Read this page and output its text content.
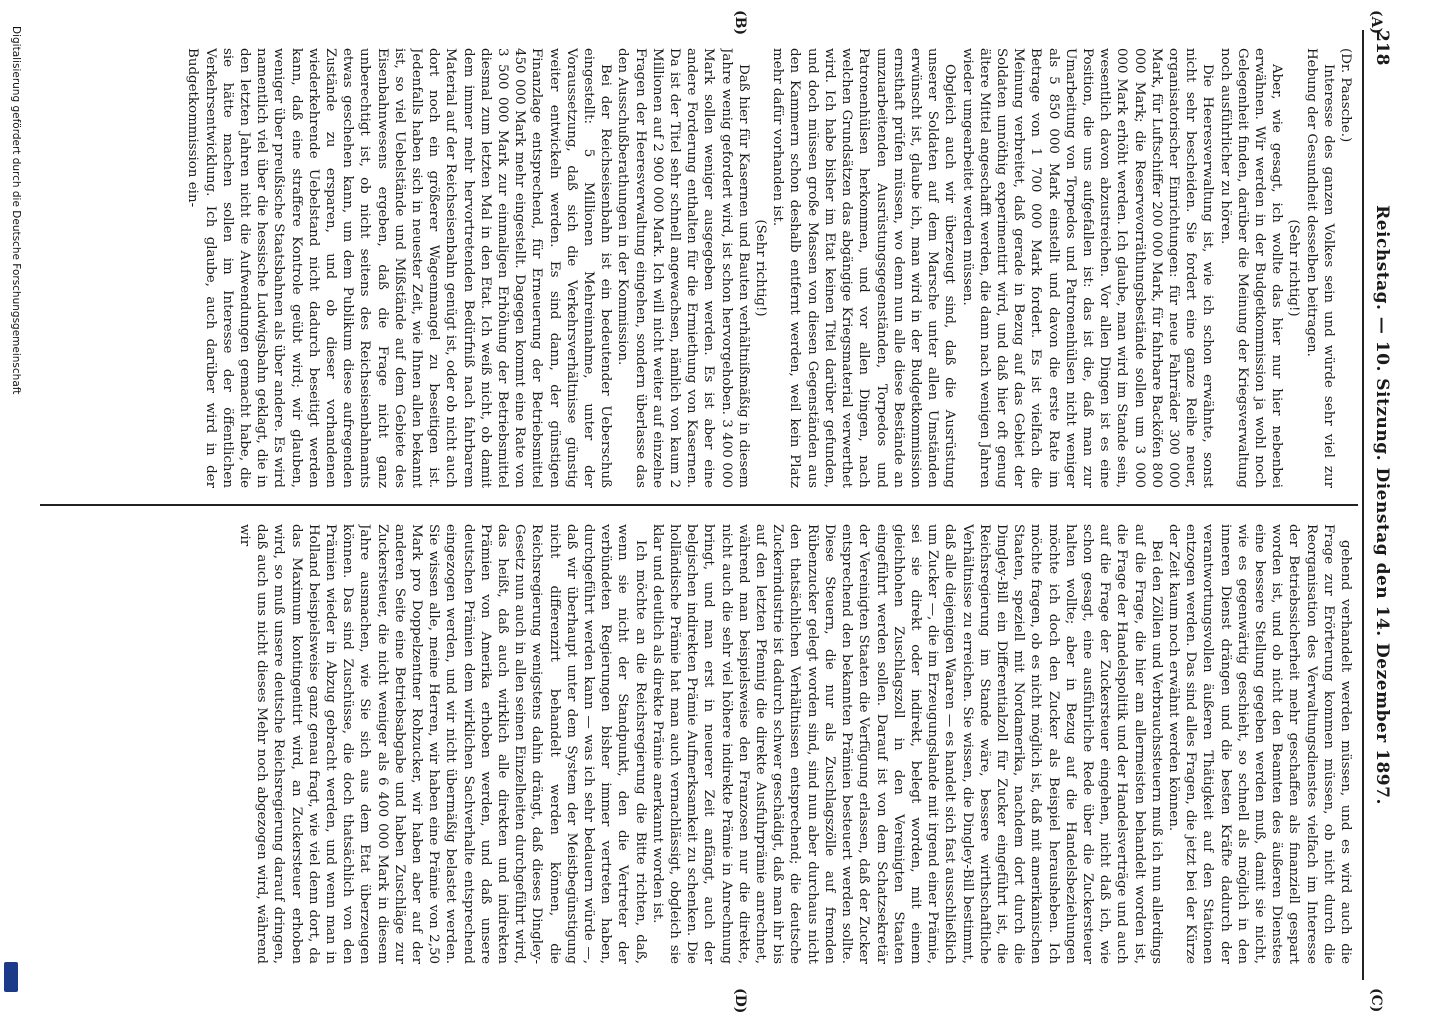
218
Reichstag. — 10. Sitzung. Dienstag den 14. Dezember 1897.
(A)
(B)
(C)
(D)

(Dr. Paasche.)

Interesse des ganzen Volkes sein und würde sehr viel zur Hebung der Gesundheit desselben beitragen.

(Sehr richtig!)

Aber, wie gesagt, ich wollte das hier nur hier nebenbei erwähnen. Wir werden in der Budgetkommission ja wohl noch Gelegenheit finden, darüber die Meinung der Kriegsverwaltung noch ausführlicher zu hören.

Die Heeresverwaltung ist, wie ich schon erwähnte, sonst nicht sehr bescheiden. Sie fordert eine ganze Reihe neuer, organisatorischer Einrichtungen: für neue Fahrräder 300 000 Mark, für Luftschiffer 200 000 Mark, für fahrbare Backöfen 800 000 Mark; die Reservevorräthungsbestände sollen um 3 000 000 Mark erhöht werden. Ich glaube, man wird im Stande sein, wesentlich davon abzustreichen. Vor allen Dingen ist es eine Position, die uns aufgefallen ist: das ist die, daß man zur Umarbeitung von Torpedos und Patronenhülsen nicht weniger als 5 850 000 Mark einstellt und davon die erste Rate im Betrage von 1 700 000 Mark fordert. Es ist vielfach die Meinung verbreitet, daß gerade in Bezug auf das Gebiet der Soldaten unnöthig experimentirt wird, und daß hier oft genug ältere Mittel angeschafft werden, die dann nach wenigen Jahren wieder umgearbeitet werden müssen.

Obgleich auch wir überzeugt sind, daß die Ausrüstung unserer Soldaten auf dem Marsche unter allen Umständen erwünscht ist, glaube ich, man wird in der Budgetkommission ernsthaft prüfen müssen, wo denn nun alle diese Bestände an umzuarbeitenden Ausrüstungsgegenständen, Torpedos und Patronenhülsen herkommen, und vor allen Dingen, nach welchen Grundsätzen das abgängige Kriegsmaterial verwerthet wird. Ich habe bisher im Etat keinen Titel darüber gefunden, und doch müssen große Massen von diesen Gegenständen aus den Kammern schon deshalb entfernt werden, weil kein Platz mehr dafür vorhanden ist.

(Sehr richtig!)

Daß hier für Kasernen und Bauten verhältnißmäßig in diesem Jahre wenig gefordert wird, ist schon hervorgehoben. 3 400 000 Mark sollen weniger ausgegeben werden. Es ist aber eine andere Forderung enthalten für die Ermiethung von Kasernen. Da ist der Titel sehr schnell angewachsen, nämlich von kaum 2 Millionen auf 2 900 000 Mark. Ich will nicht weiter auf einzelne Fragen der Heeresverwaltung eingehen, sondern überlasse das den Ausschußberathungen in der Kommission.

Bei der Reichseisenbahn ist ein bedeutender Ueberschuß eingestellt: 5 Millionen Mehreinnahme, unter der Voraussetzung, daß sich die Verkehrsverhältnisse günstig weiter entwickeln werden. Es sind dann, der günstigen Finanzlage entsprechend, für Erneuerung der Betriebsmittel 450 000 Mark mehr eingestellt. Dagegen kommt eine Rate von 3 500 000 Mark zur einmaligen Erhöhung der Betriebsmittel diesmal zum letzten Mal in den Etat. Ich weiß nicht, ob damit dem immer mehr hervortretenden Bedürfniß nach fahrbarem Material auf der Reichseisenbahn genügt ist, oder ob nicht auch dort noch ein größerer Wagenmangel zu beseitigen ist. Jedenfalls haben sich in neuester Zeit, wie Ihnen allen bekannt ist, so viel Uebelstände und Mißstände auf dem Gebiete des Eisenbahnwesens ergeben, daß die Frage nicht ganz unberechtigt ist, ob nicht seitens des Reichseisenbahnamts etwas geschehen kann, um dem Publikum diese aufregenden Zustände zu ersparen, und ob dieser vorhandenen wiederkehrende Uebelstand nicht dadurch beseitigt werden kann, daß eine straffere Kontrole geübt wird; wir glauben, weniger über preußische Staatsbahnen als über andere. Es wird namentlich viel über die hessische Ludwigsbahn geklagt, die in den letzten Jahren nicht die Aufwendungen gemacht habe, die sie hätte machen sollen im Interesse der öffentlichen Verkehrsentwicklung. Ich glaube, auch darüber wird in der Budgetkommission ein-

gehend verhandelt werden müssen, und es wird auch die Frage zur Erörterung kommen müssen, ob nicht durch die Reorganisation des Verwaltungsdienstes vielfach im Interesse der Betriebssicherheit mehr geschaffen als finanziell gespart worden ist, und ob nicht den Beamten des äußeren Dienstes eine bessere Stellung gegeben werden muß, damit sie nicht, wie es gegenwärtig geschieht, so schnell als möglich in den inneren Dienst drängen und die besten Kräfte dadurch der verantwortungsvollen äußeren Thätigkeit auf den Stationen entzogen werden. Das sind alles Fragen, die jetzt bei der Kürze der Zeit kaum noch erwähnt werden können.

Bei den Zöllen und Verbrauchssteuern muß ich nun allerdings auf die Frage, die hier am allermeisten behandelt worden ist, die Frage der Handelspolitik und der Handelsverträge und auch auf die Frage der Zuckersteuer eingehen, nicht daß ich, wie schon gesagt, eine ausführliche Rede über die Zuckersteuer halten wollte; aber in Bezug auf die Handelsbeziehungen möchte ich doch den Zucker als Beispiel herausheben. Ich möchte fragen, ob es nicht möglich ist, daß mit amerikanischen Staaten, speziell mit Nordamerika, nachdem dort durch die Dingley-Bill ein Differentialzoll für Zucker eingeführt ist, die Reichsregierung im Stande wäre, bessere wirthschaftliche Verhältnisse zu erreichen. Sie wissen, die Dingley-Bill bestimmt, daß alle diejenigen Waaren — es handelt sich fast ausschließlich um Zucker —, die im Erzeugungslande mit irgend einer Prämie, sei sie direkt oder indirekt, belegt worden, mit einem gleichhohen Zuschlagszoll in den Vereinigten Staaten eingeführt werden sollen. Darauf ist von dem Schatzsekretär der Vereinigten Staaten die Verfügung erlassen, daß der Zucker entsprechend den bekannten Prämien besteuert werden sollte. Diese Steuern, die nur als Zuschlagszölle auf fremden Rübenzucker gelegt worden sind, sind nun aber durchaus nicht den thatsächlichen Verhältnissen entsprechend; die deutsche Zuckerindustrie ist dadurch schwer geschädigt, daß man ihr bis auf den letzten Pfennig die direkte Ausfuhrprämie anrechnet, während man beispielsweise den Franzosen nur die direkte, nicht auch die sehr viel höhere indirekte Prämie in Anrechnung bringt, und man erst in neuerer Zeit anfängt, auch der belgischen indirekten Prämie Aufmerksamkeit zu schenken. Die holländische Prämie hat man auch vernachlässigt, obgleich sie klar und deutlich als direkte Prämie anerkannt worden ist.

Ich möchte an die Reichsregierung die Bitte richten, daß, wenn sie nicht der Standpunkt, den die Vertreter der verbündeten Regierungen bisher immer vertreten haben, durchgeführt werden kann — was ich sehr bedauern würde —, daß wir überhaupt unter dem System der Meistbegünstigung nicht differenzirt behandelt werden können, die Reichsregierung wenigstens dahin drängt, daß dieses Dingley-Gesetz nun auch in allen seinen Einzelheiten durchgeführt wird, das heißt, daß auch wirklich alle direkten und indirekten Prämien von Amerika erhoben werden, und daß unsere deutschen Prämien dem wirklichen Sachverhalte entsprechend eingezogen werden, und wir nicht übermäßig belastet werden. Sie wissen alle, meine Herren, wir haben eine Prämie von 2,50 Mark pro Doppelzentner Rohzucker, wir haben aber auf der anderen Seite eine Betriebsabgabe und haben Zuschläge zur Zuckersteuer, die nicht weniger als 6 400 000 Mark in diesem Jahre ausmachen, wie Sie sich aus dem Etat überzeugen können. Das sind Zuschüsse, die doch thatsächlich von den Prämien wieder in Abzug gebracht werden, und wenn man in Holland beispielsweise ganz genau fragt, wie viel denn dort, da das Maximum kontingentirt wird, an Zuckersteuer erhoben wird, so muß unsere deutsche Reichsregierung darauf dringen, daß auch uns nicht dieses Mehr noch abgezogen wird, während wir

Digitalisierung gefördert durch die Deutsche Forschungsgemeinschaft
